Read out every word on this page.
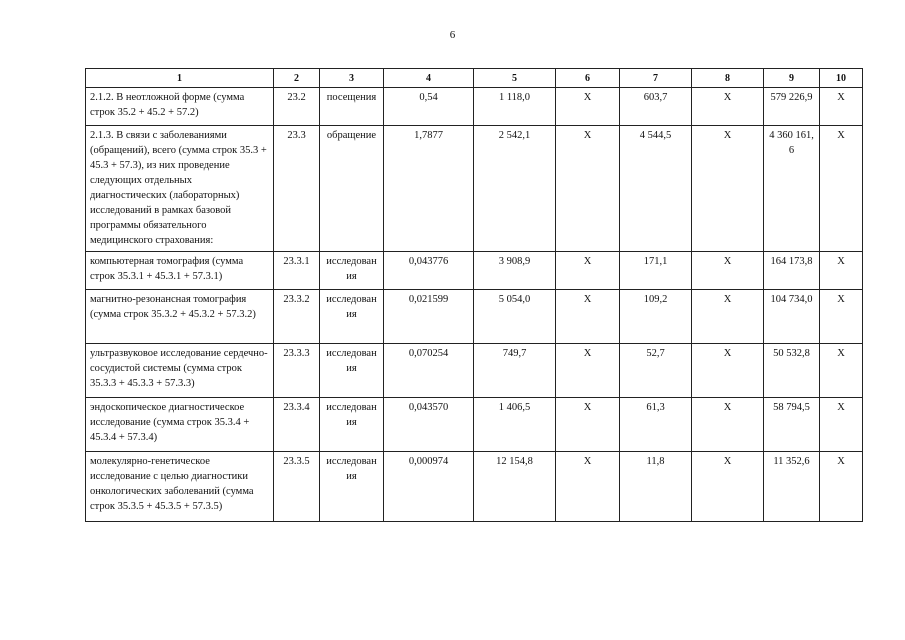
6
1	2	3	4	5	6	7	8	9	10
2.1.2. В неотложной форме (сумма строк 35.2 + 45.2 + 57.2)	23.2	посещения	0,54	1 118,0	Х	603,7	Х	579 226,9	Х
2.1.3. В связи с заболеваниями (обращений), всего (сумма строк 35.3 + 45.3 + 57.3), из них проведение следующих отдельных диагностических (лабораторных) исследований в рамках базовой программы обязательного медицинского страхования:	23.3	обращение	1,7877	2 542,1	Х	4 544,5	Х	4 360 161,6	Х
компьютерная томография (сумма строк 35.3.1 + 45.3.1 + 57.3.1)	23.3.1	исследования	0,043776	3 908,9	Х	171,1	Х	164 173,8	Х
магнитно-резонансная томография (сумма строк 35.3.2 + 45.3.2 + 57.3.2)	23.3.2	исследования	0,021599	5 054,0	Х	109,2	Х	104 734,0	Х
ультразвуковое исследование сердечно-сосудистой системы (сумма строк 35.3.3 + 45.3.3 + 57.3.3)	23.3.3	исследования	0,070254	749,7	Х	52,7	Х	50 532,8	Х
эндоскопическое диагностическое исследование (сумма строк 35.3.4 + 45.3.4 + 57.3.4)	23.3.4	исследования	0,043570	1 406,5	Х	61,3	Х	58 794,5	Х
молекулярно-генетическое исследование с целью диагностики онкологических заболеваний (сумма строк 35.3.5 + 45.3.5 + 57.3.5)	23.3.5	исследования	0,000974	12 154,8	Х	11,8	Х	11 352,6	Х
